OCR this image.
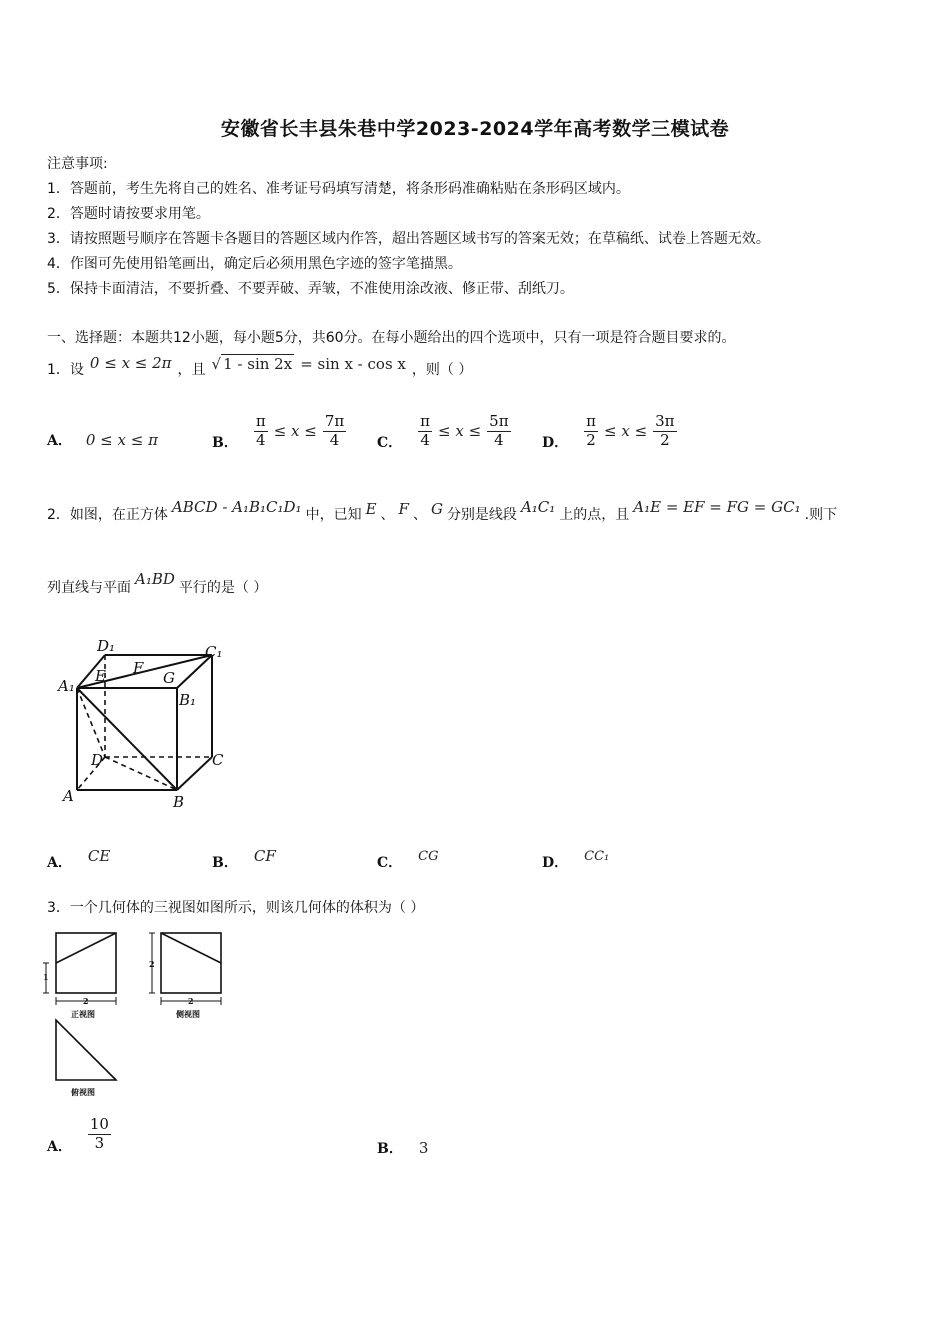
安徽省长丰县朱巷中学2023-2024学年高考数学三模试卷
注意事项:
1．答题前，考生先将自己的姓名、准考证号码填写清楚，将条形码准确粘贴在条形码区域内。
2．答题时请按要求用笔。
3．请按照题号顺序在答题卡各题目的答题区域内作答，超出答题区域书写的答案无效；在草稿纸、试卷上答题无效。
4．作图可先使用铅笔画出，确定后必须用黑色字迹的签字笔描黑。
5．保持卡面清洁，不要折叠、不要弄破、弄皱，不准使用涂改液、修正带、刮纸刀。
一、选择题：本题共12小题，每小题5分，共60分。在每小题给出的四个选项中，只有一项是符合题目要求的。
1．设 0 ≤ x ≤ 2π ，且 √ 1 - sin 2x = sin x - cos x ，则（ ）
A． 0 ≤ x ≤ π	B． $\frac{\pi}{4} \le x \le \frac{7\pi}{4}$ C． $\frac{\pi}{4} \le x \le \frac{5\pi}{4}$ D． $\frac{\pi}{2} \le x \le \frac{3\pi}{2}$
2．如图，在正方体 ABCD - A₁B₁C₁D₁ 中，已知 E 、 F 、 G 分别是线段 A₁C₁ 上的点，且 A₁E = EF = FG = GC₁ .则下
列直线与平面 A₁BD 平行的是（ ）
D₁	C₁
A₁
B₁
E F
G
D	C
A	B
A． CE	B． CF	C． CG	D． CC₁
3．一个几何体的三视图如图所示，则该几何体的体积为（ ）
1
2
2
2
正视图	侧视图
俯视图
A． $\frac{10}{3}$	B． 3
